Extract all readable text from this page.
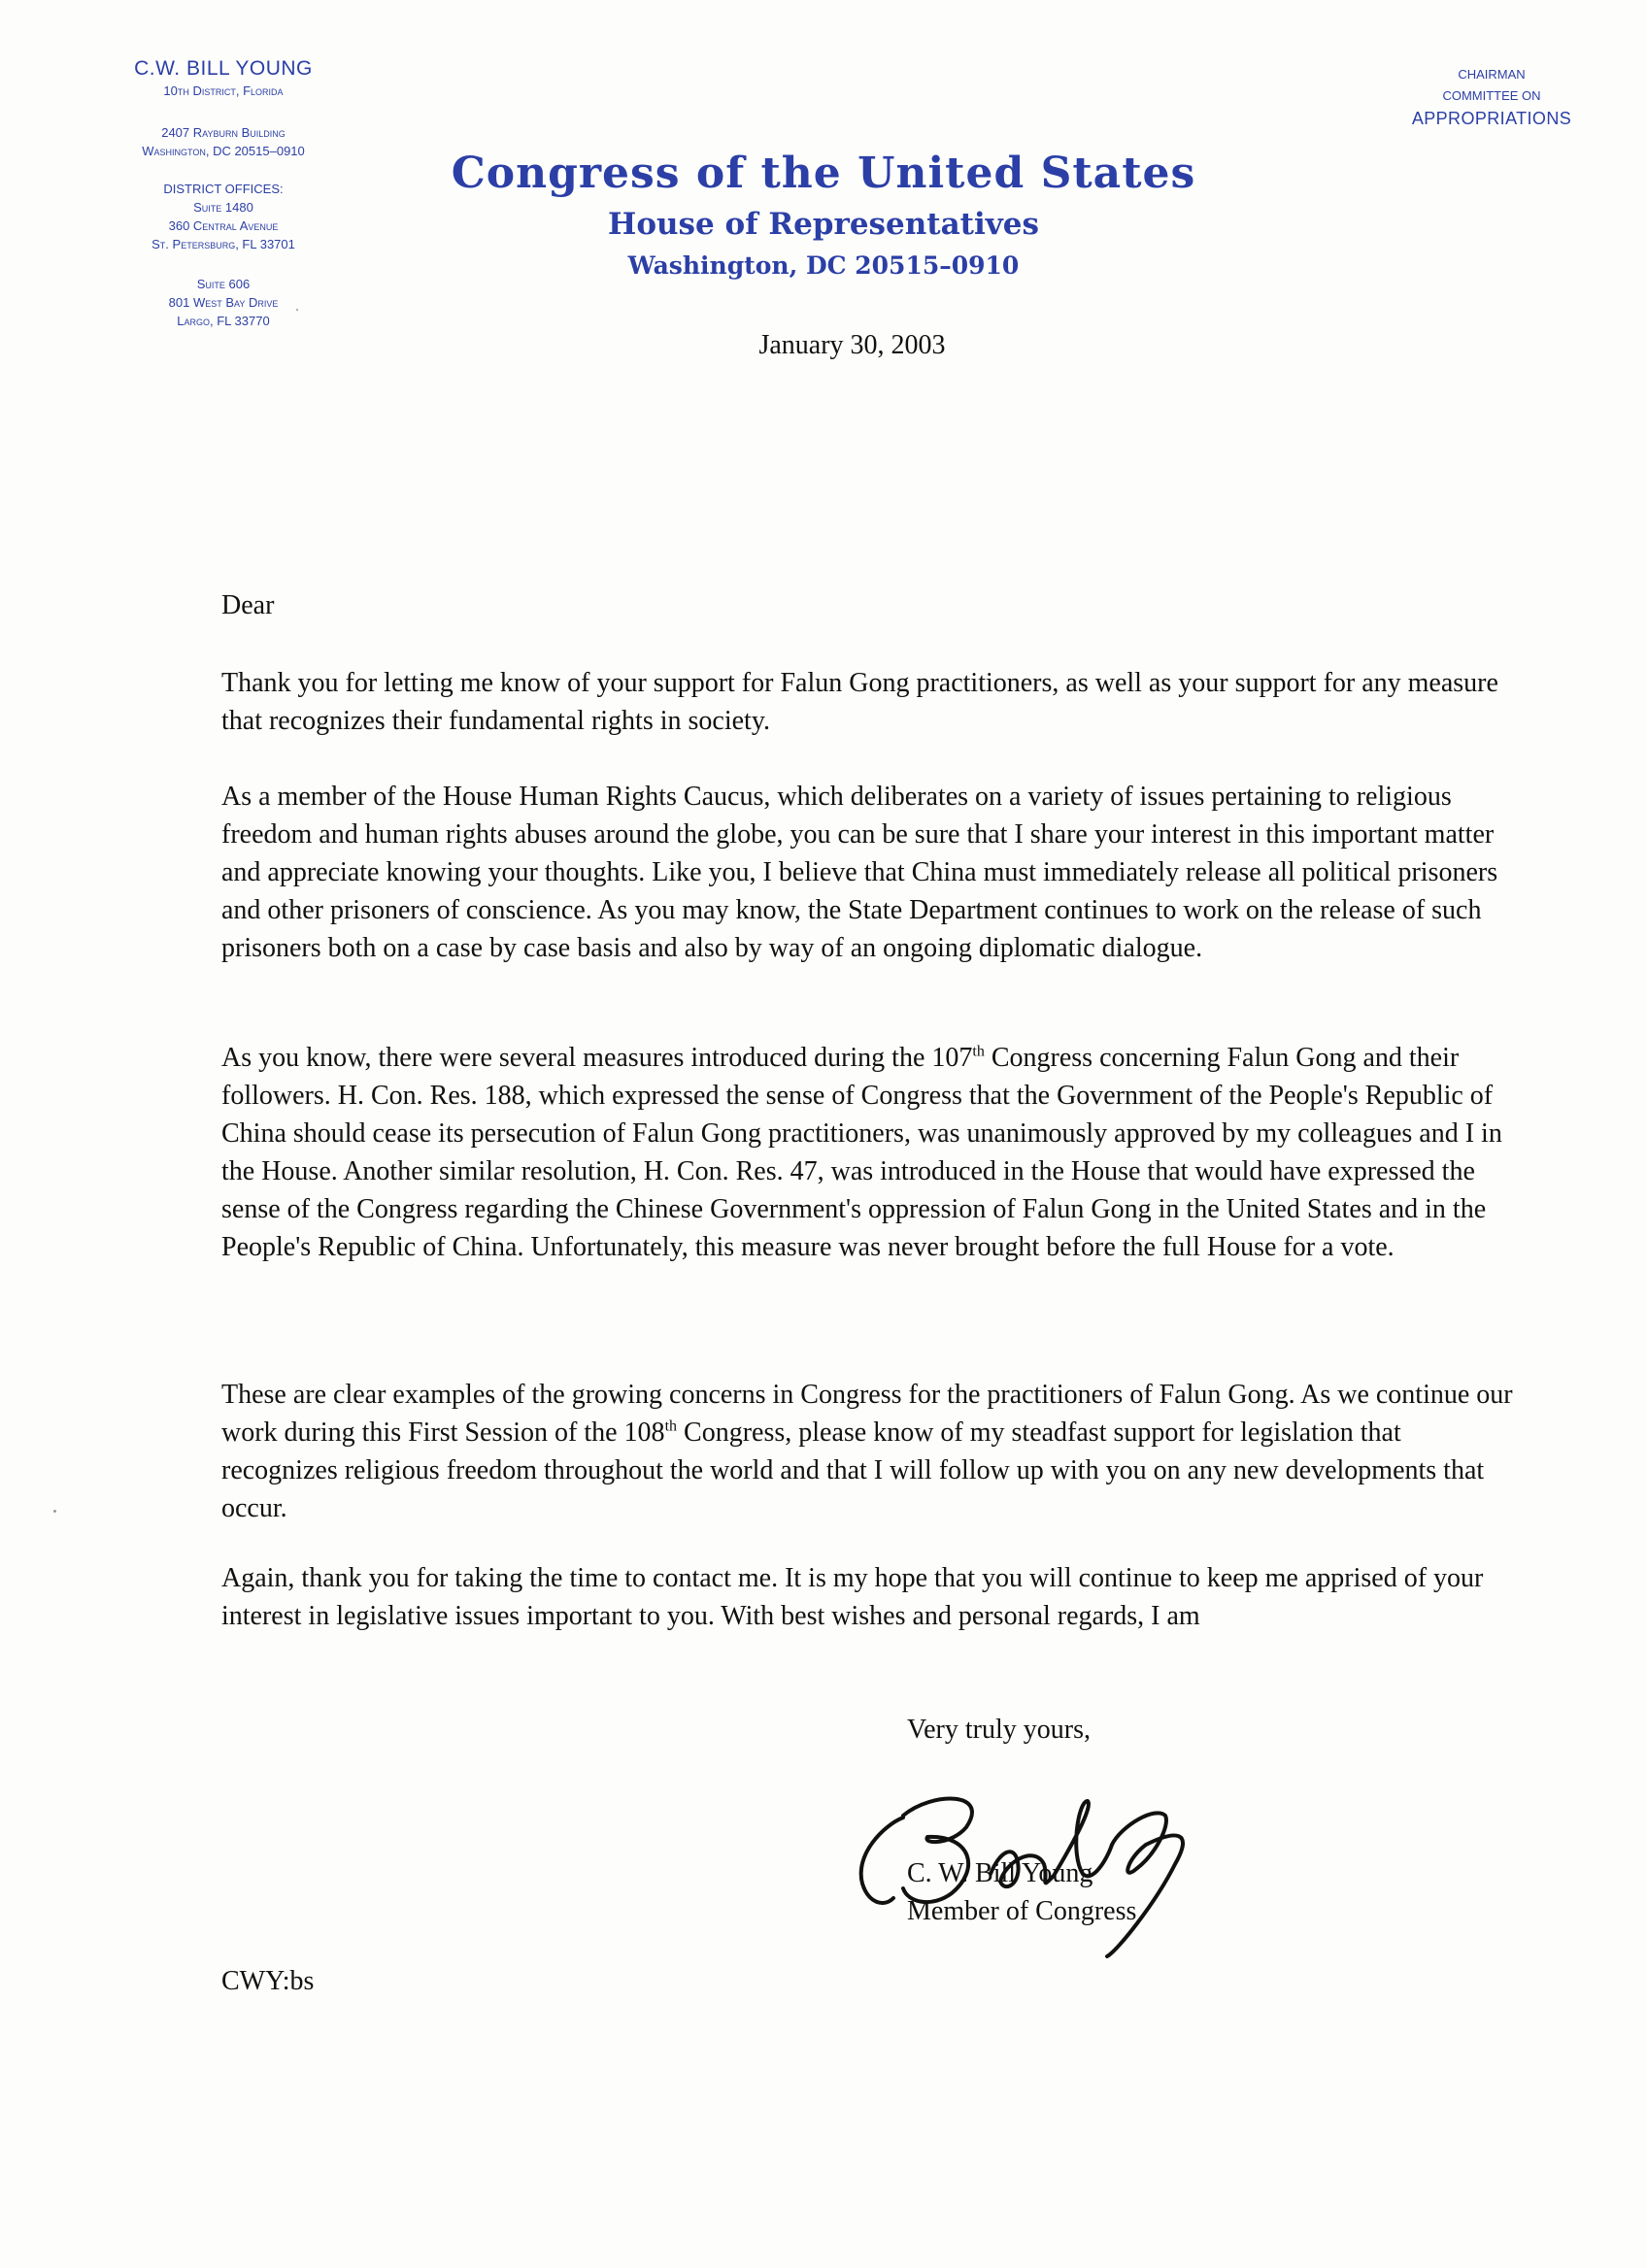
C.W. BILL YOUNG
10th District, Florida
2407 Rayburn Building
Washington, DC 20515–0910
DISTRICT OFFICES:
Suite 1480
360 Central Avenue
St. Petersburg, FL 33701
Suite 606
801 West Bay Drive
Largo, FL 33770
CHAIRMAN
COMMITTEE ON
APPROPRIATIONS
Congress of the United States
House of Representatives
Washington, DC 20515–0910
January 30, 2003
Dear

Thank you for letting me know of your support for Falun Gong practitioners, as well as your support for any measure that recognizes their fundamental rights in society.

As a member of the House Human Rights Caucus, which deliberates on a variety of issues pertaining to religious freedom and human rights abuses around the globe, you can be sure that I share your interest in this important matter and appreciate knowing your thoughts. Like you, I believe that China must immediately release all political prisoners and other prisoners of conscience. As you may know, the State Department continues to work on the release of such prisoners both on a case by case basis and also by way of an ongoing diplomatic dialogue.

As you know, there were several measures introduced during the 107th Congress concerning Falun Gong and their followers. H. Con. Res. 188, which expressed the sense of Congress that the Government of the People's Republic of China should cease its persecution of Falun Gong practitioners, was unanimously approved by my colleagues and I in the House. Another similar resolution, H. Con. Res. 47, was introduced in the House that would have expressed the sense of the Congress regarding the Chinese Government's oppression of Falun Gong in the United States and in the People's Republic of China. Unfortunately, this measure was never brought before the full House for a vote.

These are clear examples of the growing concerns in Congress for the practitioners of Falun Gong. As we continue our work during this First Session of the 108th Congress, please know of my steadfast support for legislation that recognizes religious freedom throughout the world and that I will follow up with you on any new developments that occur.

Again, thank you for taking the time to contact me. It is my hope that you will continue to keep me apprised of your interest in legislative issues important to you. With best wishes and personal regards, I am

Very truly yours,
C. W. Bill Young
Member of Congress
CWY:bs
